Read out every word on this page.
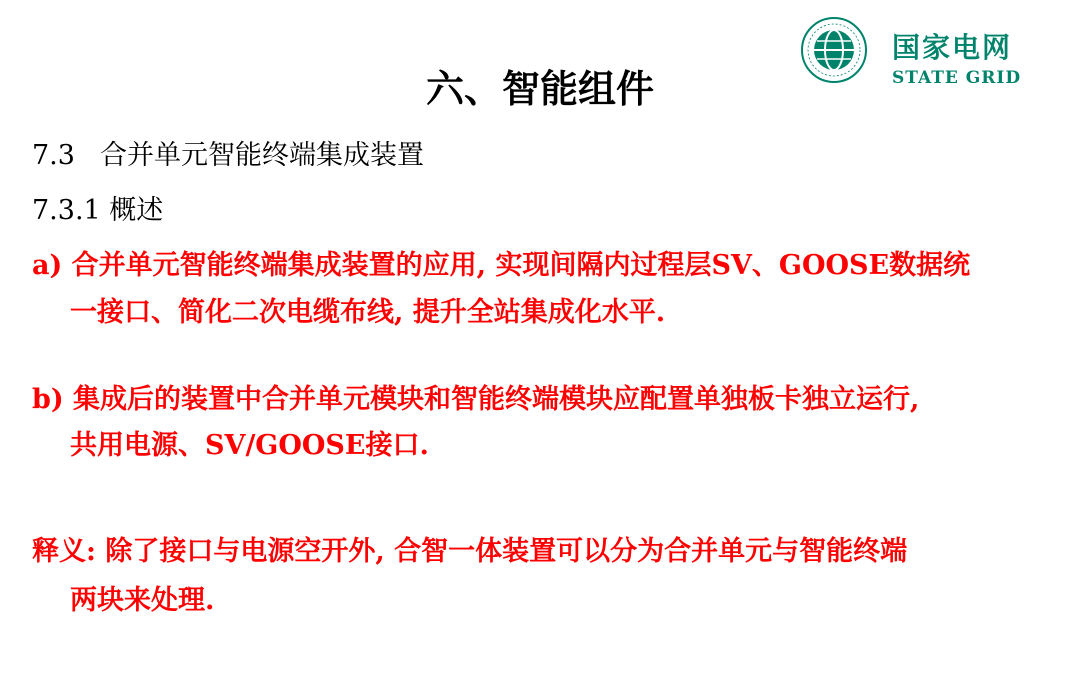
国家电网
STATE GRID
六、智能组件
7.3 合并单元智能终端集成装置
7.3.1 概述
a) 合并单元智能终端集成装置的应用, 实现间隔内过程层SV、GOOSE数据统
一接口、简化二次电缆布线, 提升全站集成化水平.
b) 集成后的装置中合并单元模块和智能终端模块应配置单独板卡独立运行,
共用电源、SV/GOOSE接口.
释义: 除了接口与电源空开外, 合智一体装置可以分为合并单元与智能终端
两块来处理.
